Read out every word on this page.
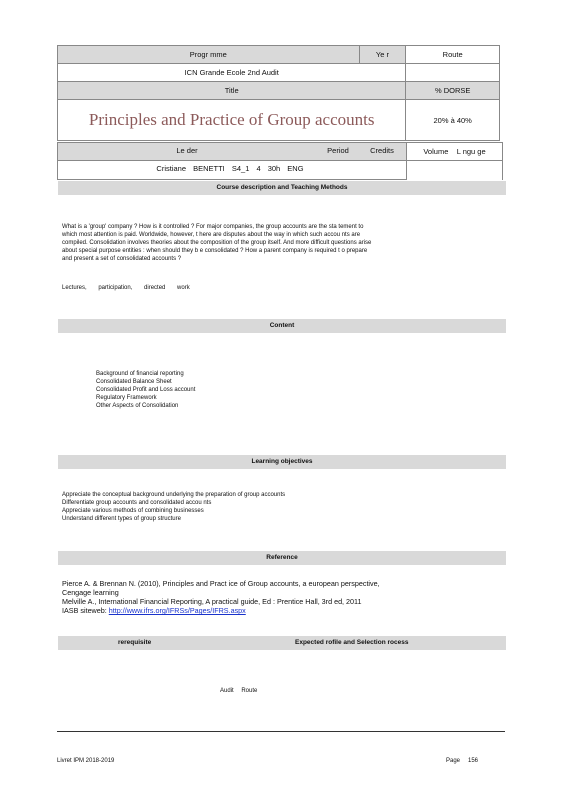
Progr mme	Ye r	Route
ICN Grande Ecole 2nd Audit		
Title		% DORSE
Principles and Practice of Group accounts		20% à 40%
Le der	Period	Credits	Volume L ngu ge
Cristiane BENETTI S4_1 4 30h ENG
Course description and Teaching Methods
What is a 'group' company ? How is it controlled ? For major companies, the group accounts are the sta tement to
which most attention is paid. Worldwide, however, t here are disputes about the way in which such accou nts are
compiled. Consolidation involves theories about the composition of the group itself. And more difficult questions arise
about special purpose entities : when should they b e consolidated ? How a parent company is required t o prepare
and present a set of consolidated accounts ?
Lectures, participation, directed work
Content
Background of financial reporting
Consolidated Balance Sheet
Consolidated Profit and Loss account
Regulatory Framework
Other Aspects of Consolidation
Learning objectives
Appreciate the conceptual background underlying the preparation of group accounts
Differentiate group accounts and consolidated accou nts
Appreciate various methods of combining businesses
Understand different types of group structure
Reference
Pierce A. & Brennan N. (2010), Principles and Pract ice of Group accounts, a european perspective,
Cengage learning
Melville A., International Financial Reporting, A practical guide, Ed : Prentice Hall, 3rd ed, 2011
IASB siteweb: http://www.ifrs.org/IFRSs/Pages/IFRS.aspx
rerequisite	Expected rofile and Selection rocess
Audit Route
Livret IPM 2018-2019	Page 156
